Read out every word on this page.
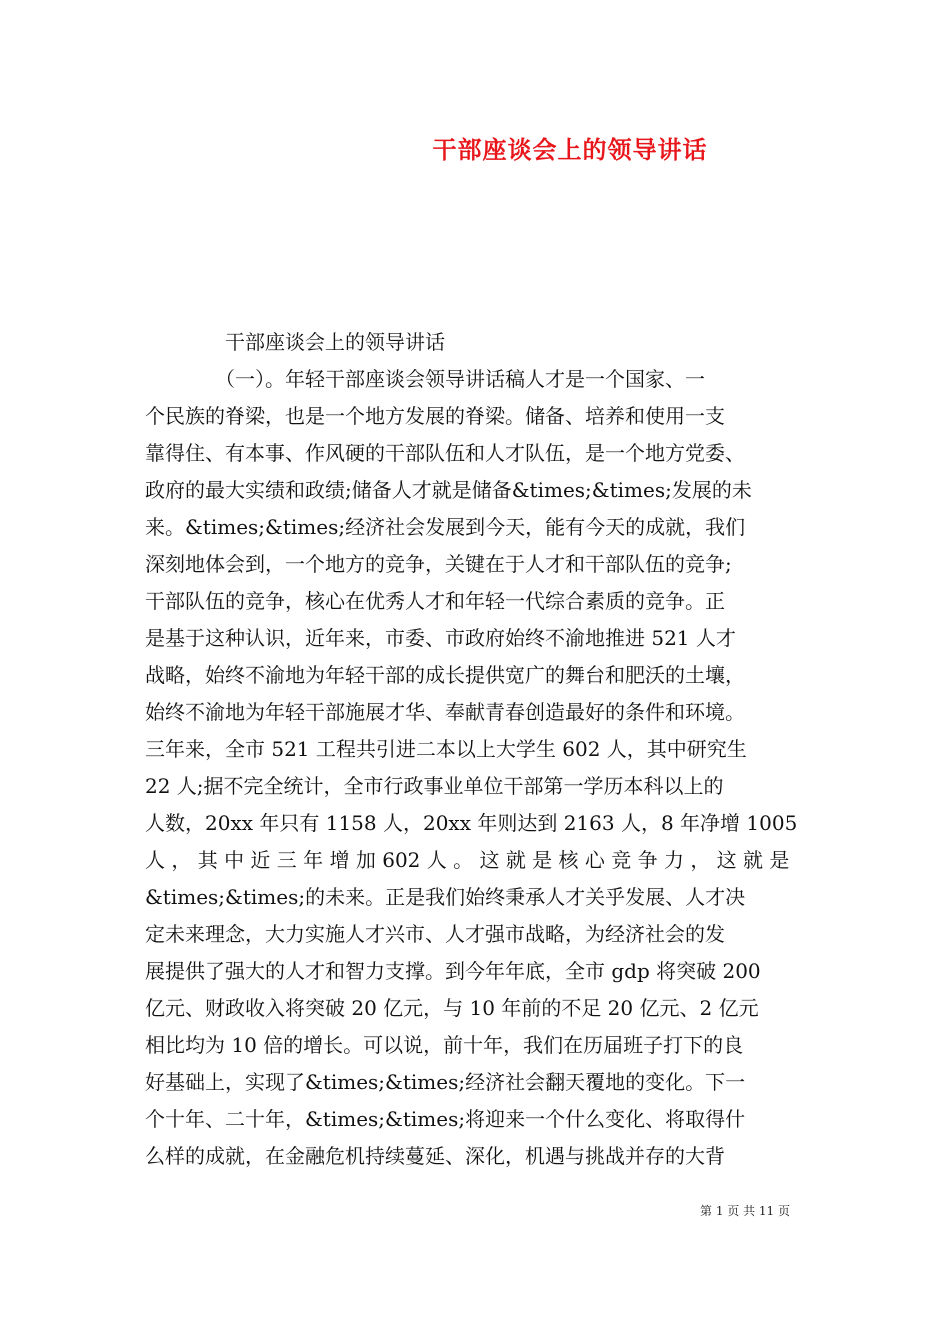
干部座谈会上的领导讲话
　　　　干部座谈会上的领导讲话
　　　　（一）。年轻干部座谈会领导讲话稿人才是一个国家、一
个民族的脊梁，也是一个地方发展的脊梁。储备、培养和使用一支
靠得住、有本事、作风硬的干部队伍和人才队伍，是一个地方党委、
政府的最大实绩和政绩;储备人才就是储备&times;&times;发展的未
来。&times;&times;经济社会发展到今天，能有今天的成就，我们
深刻地体会到，一个地方的竞争，关键在于人才和干部队伍的竞争;
干部队伍的竞争，核心在优秀人才和年轻一代综合素质的竞争。正
是基于这种认识，近年来，市委、市政府始终不渝地推进 521 人才
战略，始终不渝地为年轻干部的成长提供宽广的舞台和肥沃的土壤，
始终不渝地为年轻干部施展才华、奉献青春创造最好的条件和环境。
三年来，全市 521 工程共引进二本以上大学生 602 人，其中研究生
22 人;据不完全统计，全市行政事业单位干部第一学历本科以上的
人数，20xx 年只有 1158 人，20xx 年则达到 2163 人，8 年净增 1005
人 ， 其 中 近 三 年 增 加 602 人 。 这 就 是 核 心 竞 争 力 ， 这 就 是
&times;&times;的未来。正是我们始终秉承人才关乎发展、人才决
定未来理念，大力实施人才兴市、人才强市战略，为经济社会的发
展提供了强大的人才和智力支撑。到今年年底，全市 gdp 将突破 200
亿元、财政收入将突破 20 亿元，与 10 年前的不足 20 亿元、2 亿元
相比均为 10 倍的增长。可以说，前十年，我们在历届班子打下的良
好基础上，实现了&times;&times;经济社会翻天覆地的变化。下一
个十年、二十年，&times;&times;将迎来一个什么变化、将取得什
么样的成就，在金融危机持续蔓延、深化，机遇与挑战并存的大背
第 1 页 共 11 页
